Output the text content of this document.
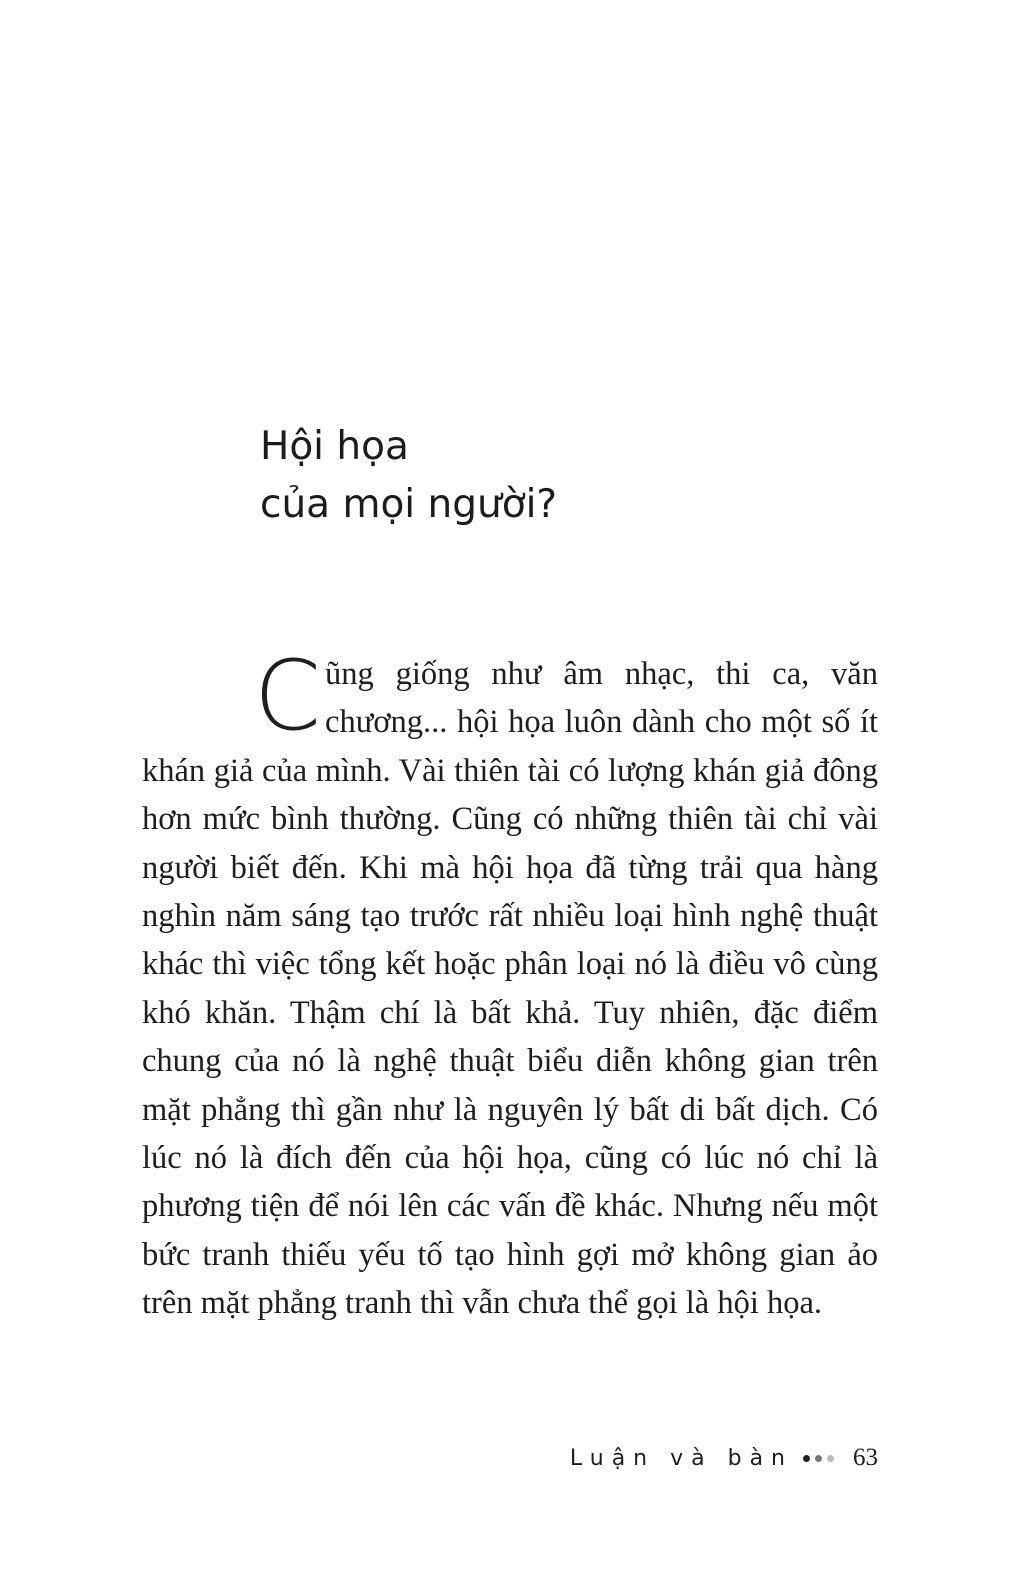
Hội họa
của mọi người?

Cũng giống như âm nhạc, thi ca, văn chương... hội họa luôn dành cho một số ít khán giả của mình. Vài thiên tài có lượng khán giả đông hơn mức bình thường. Cũng có những thiên tài chỉ vài người biết đến. Khi mà hội họa đã từng trải qua hàng nghìn năm sáng tạo trước rất nhiều loại hình nghệ thuật khác thì việc tổng kết hoặc phân loại nó là điều vô cùng khó khăn. Thậm chí là bất khả. Tuy nhiên, đặc điểm chung của nó là nghệ thuật biểu diễn không gian trên mặt phẳng thì gần như là nguyên lý bất di bất dịch. Có lúc nó là đích đến của hội họa, cũng có lúc nó chỉ là phương tiện để nói lên các vấn đề khác. Nhưng nếu một bức tranh thiếu yếu tố tạo hình gợi mở không gian ảo trên mặt phẳng tranh thì vẫn chưa thể gọi là hội họa.

Luận và bàn 63
